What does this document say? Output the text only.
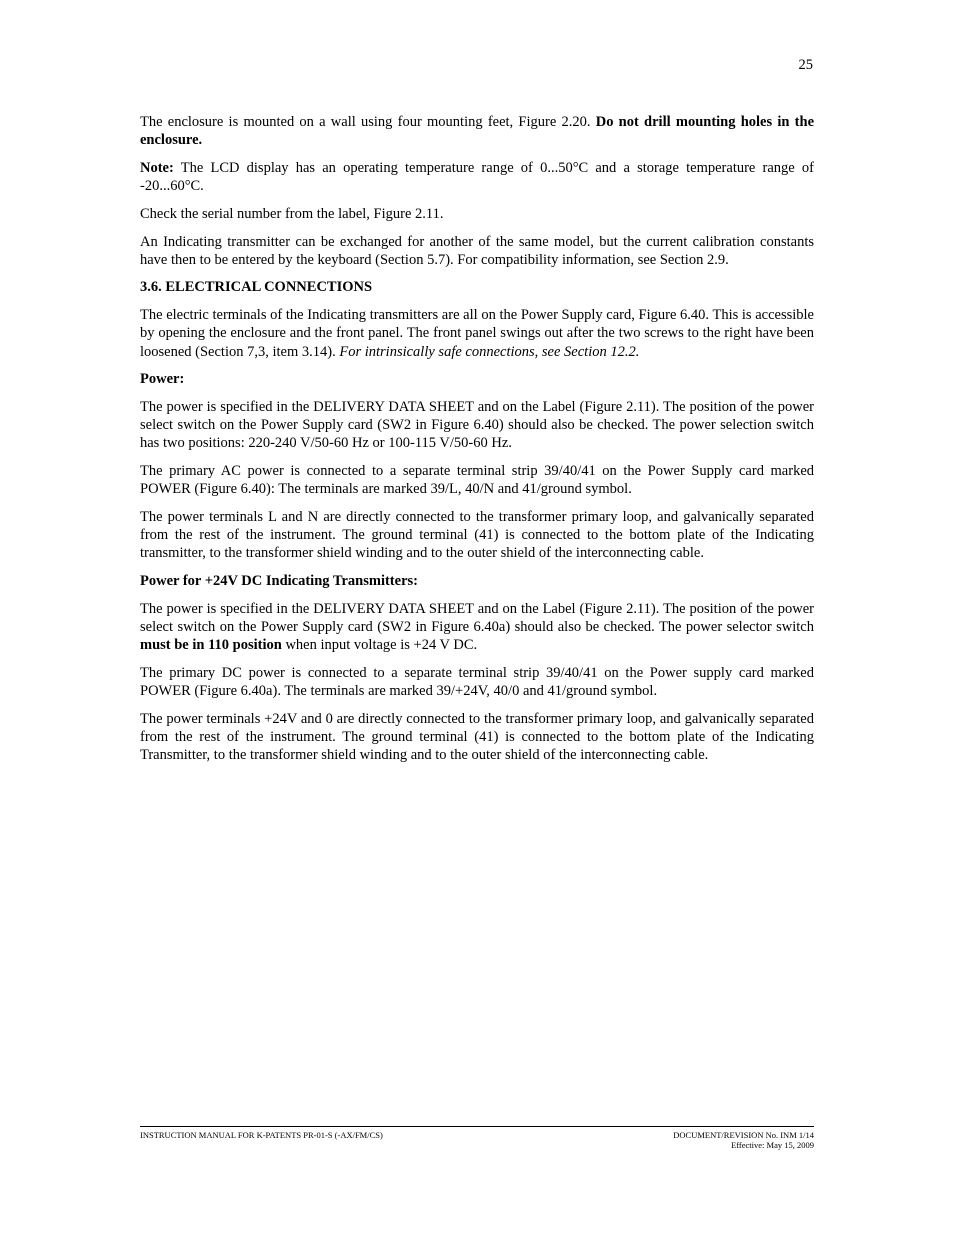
25

The enclosure is mounted on a wall using four mounting feet, Figure 2.20. Do not drill mounting holes in the enclosure.

Note: The LCD display has an operating temperature range of 0...50°C and a storage temperature range of -20...60°C.

Check the serial number from the label, Figure 2.11.

An Indicating transmitter can be exchanged for another of the same model, but the current calibration constants have then to be entered by the keyboard (Section 5.7). For compatibility information, see Section 2.9.

3.6. ELECTRICAL CONNECTIONS

The electric terminals of the Indicating transmitters are all on the Power Supply card, Figure 6.40. This is accessible by opening the enclosure and the front panel. The front panel swings out after the two screws to the right have been loosened (Section 7,3, item 3.14). For intrinsically safe connections, see Section 12.2.

Power:

The power is specified in the DELIVERY DATA SHEET and on the Label (Figure 2.11). The position of the power select switch on the Power Supply card (SW2 in Figure 6.40) should also be checked. The power selection switch has two positions: 220-240 V/50-60 Hz or 100-115 V/50-60 Hz.

The primary AC power is connected to a separate terminal strip 39/40/41 on the Power Supply card marked POWER (Figure 6.40): The terminals are marked 39/L, 40/N and 41/ground symbol.

The power terminals L and N are directly connected to the transformer primary loop, and galvanically separated from the rest of the instrument. The ground terminal (41) is connected to the bottom plate of the Indicating transmitter, to the transformer shield winding and to the outer shield of the interconnecting cable.

Power for +24V DC Indicating Transmitters:

The power is specified in the DELIVERY DATA SHEET and on the Label (Figure 2.11). The position of the power select switch on the Power Supply card (SW2 in Figure 6.40a) should also be checked. The power selector switch must be in 110 position when input voltage is +24 V DC.

The primary DC power is connected to a separate terminal strip 39/40/41 on the Power supply card marked POWER (Figure 6.40a). The terminals are marked 39/+24V, 40/0 and 41/ground symbol.

The power terminals +24V and 0 are directly connected to the transformer primary loop, and galvanically separated from the rest of the instrument. The ground terminal (41) is connected to the bottom plate of the Indicating Transmitter, to the transformer shield winding and to the outer shield of the interconnecting cable.

INSTRUCTION MANUAL FOR K-PATENTS PR-01-S (-AX/FM/CS)	DOCUMENT/REVISION No. INM 1/14
Effective: May 15, 2009
